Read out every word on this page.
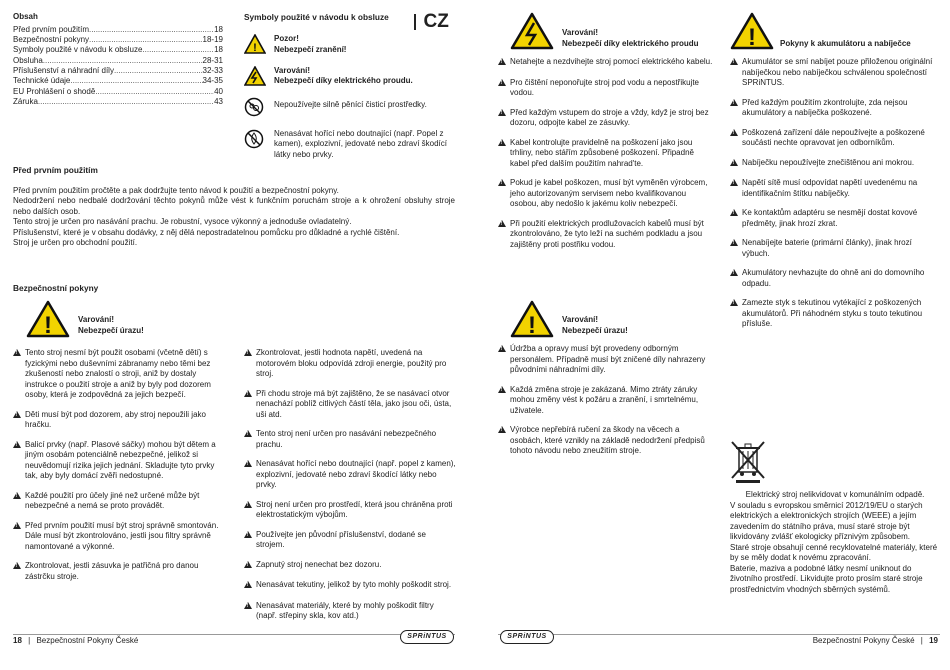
Obsah
Před prvním použitím .....	18
Bezpečnostní pokyny .....	18-19
Symboly použité v návodu k obsluze .....	18
Obsluha .....	28-31
Příslušenství a náhradní díly .....	32-33
Technické údaje .....	34-35
EU Prohlášení o shodě .....	40
Záruka .....	43
Symboly použité v návodu k obsluze	CZ
!
Pozor!
Nebezpečí zranění!
Varování!
Nebezpečí díky elektrického proudu.
Nepoužívejte silně pěnící čisticí prostředky.
Nenasávat hořící nebo doutnající (např. Popel z kamen), explozivní, jedovaté nebo zdraví škodící látky nebo prvky.
Před prvním použitím

Před prvním použitím pročtěte a pak dodržujte tento návod k použití a bezpečnostní pokyny.

Nedodržení nebo nedbalé dodržování těchto pokynů může vést k funkčním poruchám stroje a k ohrožení obsluhy stroje nebo dalších osob.

Tento stroj je určen pro nasávání prachu. Je robustní, vysoce výkonný a jednoduše ovladatelný.

Příslušenství, které je v obsahu dodávky, z něj dělá nepostradatelnou pomůcku pro důkladné a rychlé čištění.

Stroj je určen pro obchodní použití.

Bezpečnostní pokyny
!	Varování!
Nebezpečí úrazu!
!
Tento stroj nesmí být použit osobami (včetně dětí) s fyzickými nebo duševními zábranamy nebo těmi bez zkušeností nebo znalostí o stroji, aniž by dostaly instrukce o použití stroje a aniž by byly pod dozorem osoby, která je zodpovědná za jejich bezpečí.
!
Děti musí být pod dozorem, aby stroj nepoužili jako hračku.
!
Balicí prvky (např. Plasové sáčky) mohou být dětem a jiným osobám potenciálně nebezpečné, jelikož si neuvědomují rizika jejich jednání. Skladujte tyto prvky tak, aby byly domácí zvěři nedostupné.
!
Každé použití pro účely jiné než určené může být nebezpečné a nemá se proto provádět.
!
Před prvním použití musí být stroj správně smontován. Dále musí být zkontrolováno, jestli jsou filtry správně namontované a výkonné.
!
Zkontrolovat, jestli zásuvka je patřičná pro danou zástrčku stroje.
!
Zkontrolovat, jestli hodnota napětí, uvedená na motorovém bloku odpovídá zdroji energie, použitý pro stroj.
!
Při chodu stroje má být zajištěno, že se nasávací otvor nenachází poblíž citlivých částí těla, jako jsou oči, ústa, uši atd.
!
Tento stroj není určen pro nasávání nebezpečného prachu.
!
Nenasávat hořící nebo doutnající (např. popel z kamen), explozivní, jedovaté nebo zdraví škodící látky nebo prvky.
!
Stroj není určen pro prostředí, která jsou chráněna proti elektrostatickým výbojům.
!
Používejte jen původní příslušenství, dodané se strojem.
!
Zapnutý stroj nenechat bez dozoru.
!
Nenasávat tekutiny, jelikož by tyto mohly poškodit stroj.
!
Nenasávat materiály, které by mohly poškodit filtry (např. střepiny skla, kov atd.)
Varování!
Nebezpečí díky elektrického proudu
!
Netahejte a nezdvihejte stroj pomocí elektrického kabelu.
!
Pro čištění neponořujte stroj pod vodu a nepostřikujte vodou.
!
Před každým vstupem do stroje a vždy, když je stroj bez dozoru, odpojte kabel ze zásuvky.
!
Kabel kontrolujte pravidelně na poškození jako jsou trhliny, nebo stářím způsobené poškození. Připadně kabel před dalším použitím nahrad'te.
!
Pokud je kabel poškozen, musí být vyměněn výrobcem, jeho autorizovaným servisem nebo kvalifikovanou osobou, aby nedošlo k jakému koliv nebezpečí.
!
Při použití elektrických prodlužovacích kabelů musí být zkontrolováno, že tyto leží na suchém podkladu a jsou zajištěny proti postřiku vodou.
!	Varování!
Nebezpečí úrazu!
!
Údržba a opravy musí být provedeny odborným personálem. Případně musí být zničené díly nahrazeny původními náhradními díly.
!
Každá změna stroje je zakázaná. Mimo ztráty záruky mohou změny vést k požáru a zranění, i smrtelnému, uživatele.
!
Výrobce nepřebírá ručení za škody na věcech a osobách, které vznikly na základě nedodržení předpisů tohoto návodu nebo zneužitím stroje.
!	Pokyny k akumulátoru a nabíječce
!
Akumulátor se smí nabíjet pouze přiloženou originální nabíječkou nebo nabíječkou schválenou společností SPRiNTUS.
!
Před každým použitím zkontrolujte, zda nejsou akumulátory a nabíječka poškozené.
!
Poškozená zařízení dále nepoužívejte a poškozené součásti nechte opravovat jen odborníkům.
!
Nabíječku nepoužívejte znečištěnou ani mokrou.
!
Napětí sítě musí odpovídat napětí uvedenému na identifikačním štítku nabíječky.
!
Ke kontaktům adaptéru se nesmějí dostat kovové předměty, jinak hrozí zkrat.
!
Nenabíjejte baterie (primární články), jinak hrozí výbuch.
!
Akumulátory nevhazujte do ohně ani do domovního odpadu.
!
Zamezte styk s tekutinou vytékající z poškozených akumulátorů. Při náhodném styku s touto tekutinou přísluše.
Elektrický stroj nelikvidovat v komunálním odpadě.
V souladu s evropskou směrnicí 2012/19/EU o starých elektrických a elektronických strojích (WEEE) a jejím zavedením do státního práva, musí staré stroje být likvidovány zvlášť ekologicky příznivým způsobem.
Staré stroje obsahují cenné recyklovatelné materiály, které by se měly dodat k novému zpracování.
Baterie, maziva a podobné látky nesmí uniknout do životního prostředí. Likvidujte proto prosím staré stroje prostřednictvím vhodných sběrných systémů.
18 | Bezpečnostní Pokyny České	SPRiNTUS	SPRiNTUS	Bezpečnostní Pokyny České | 19
